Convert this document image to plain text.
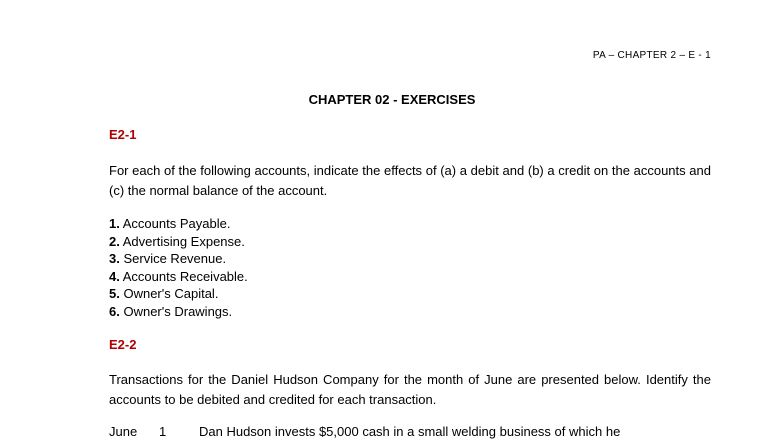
PA – CHAPTER 2 – E - 1
CHAPTER 02 - EXERCISES
E2-1
For each of the following accounts, indicate the effects of (a) a debit and (b) a credit on the accounts and (c) the normal balance of the account.
1. Accounts Payable.
2. Advertising Expense.
3. Service Revenue.
4. Accounts Receivable.
5. Owner's Capital.
6. Owner's Drawings.
E2-2
Transactions for the Daniel Hudson Company for the month of June are presented below. Identify the accounts to be debited and credited for each transaction.
June	1	Dan Hudson invests $5,000 cash in a small welding business of which he
